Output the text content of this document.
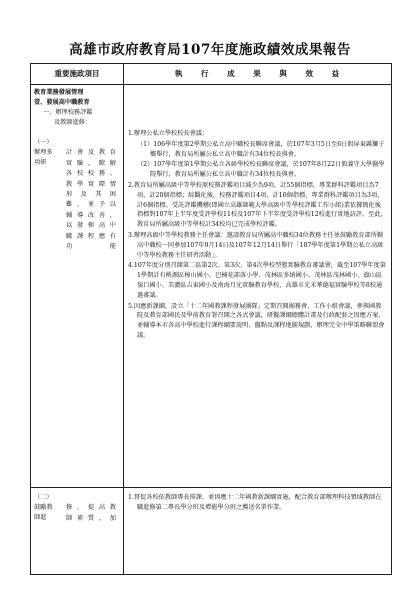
高雄市政府教育局107年度施政績效成果報告
重要施政項目	執 行 成 果 與 效 益
教育業務發展管理
壹、發展高中職教育
一、辦理校務評鑑
及教師進修：
（一）辦理多項研
計會及教育
實驗，瞭解
各校校務、
教學實際情
形及其困
難，並予以
輔導改善，
以發揮高中
職課程應有
功能
（二）鼓勵教師進
修，提高教
師素質，加

1.辦理公私立學校校長會議：

（1）106學年度第2學期公私立高中職校長聯席會議，於107年3月5日至6日假屏東縣獅子鄉舉行，教育局所屬公私立高中職計有34位校長與會。

（2）107學年度第1學期公私立各級學校校長聯席會議，於107年8月22日假義守大學醫學院舉行，教育局所屬公私立高中職計有34位校長與會。

2.教育局所屬高級中等學校原校務評鑑項目減少為9項，計55個指標，專業群科評鑑項目為7項，計20個指標；綜觀化後，校務評鑑項目4項，計16個指標，專業群科評鑑項目為3項，計6個指標。受託評鑑機構(即國立高雄師範大學高級中等學校評鑑工作小組)業依據簡化後指標對107年上半年度受評學校11校及107年下半年度受評學校12校進行實地訪評。至此，教育局所屬高級中等學校計34校均已完成學校評鑑。

3.辦理高級中等學校教務主任會議：邀請教育局所屬高中職校34位教務主任並鼓勵教育部所轄高中職校一同參加107年9月14日及107年12月14日舉行「107學年度第1學期公私立高級中等學校教務主任研習活動」。

4.107年度分別召開第二區第2次、第3次、第4次學校型態實驗教育審議會，截至107學年度第1學期計有桃源區樟山國小、巴楠花部落小學、茂林區多納國小、茂林區茂林國小、旗山區嶺口國小、美濃區吉東國小及南海月光實驗教育學校、高雄市光禾華德福實驗學校等8校通過審議。

5.因應新課綱，設立「十二年國教課程發展團隊」定期召開團務會、工作小組會議，參與國教院及教育部國民及學前教育署召開之各式會議，研擬課綱總體計畫及行政配套之因應方案，並輔導本市各高中學校進行課程綱要說明、盤點及課程地圖規劃，辦理完全中學策略聯盟會議。

1.督促各校依教師專長排課，並因應十二年國教新課綱實施，配合教育部辦理科技領域教師在職進修第二專長學分班及增能學分班之薦送名單作業。
